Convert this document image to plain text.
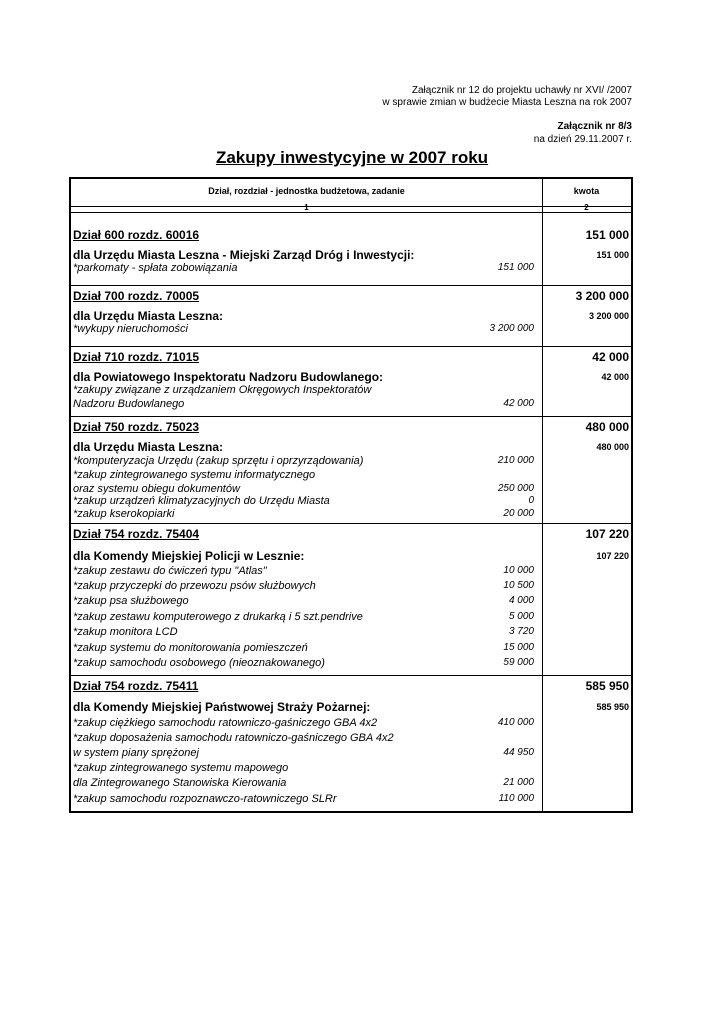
Załącznik nr 12 do projektu uchawły nr XVI/ /2007
w sprawie zmian w budżecie Miasta Leszna na rok 2007
Załącznik nr 8/3
na dzień 29.11.2007 r.
Zakupy inwestycyjne w 2007 roku
Dział, rozdział - jednostka budżetowa, zadanie	kwota
1	2
Dział 600 rozdz. 60016	151 000
dla Urzędu Miasta Leszna - Miejski Zarząd Dróg i Inwestycji:	151 000
*parkomaty - spłata zobowiązania	151 000
Dział 700 rozdz. 70005	3 200 000
dla Urzędu Miasta Leszna:	3 200 000
*wykupy nieruchomości	3 200 000
Dział 710 rozdz. 71015	42 000
dla Powiatowego Inspektoratu Nadzoru Budowlanego:	42 000
*zakupy związane z urządzaniem Okręgowych Inspektoratów
Nadzoru Budowlanego	42 000
Dział 750 rozdz. 75023	480 000
dla Urzędu Miasta Leszna:	480 000
*komputeryzacja Urzędu (zakup sprzętu i oprzyrządowania)	210 000
*zakup zintegrowanego systemu informatycznego
oraz systemu obiegu dokumentów	250 000
*zakup urządzeń klimatyzacyjnych do Urzędu Miasta	0
*zakup kserokopiarki	20 000
Dział 754 rozdz. 75404	107 220
dla Komendy Miejskiej Policji w Lesznie:	107 220
*zakup zestawu do ćwiczeń typu "Atlas"	10 000
*zakup przyczepki do przewozu psów służbowych	10 500
*zakup psa służbowego	4 000
*zakup zestawu komputerowego z drukarką i 5 szt.pendrive	5 000
*zakup monitora LCD	3 720
*zakup systemu do monitorowania pomieszczeń	15 000
*zakup samochodu osobowego (nieoznakowanego)	59 000
Dział 754 rozdz. 75411	585 950
dla Komendy Miejskiej Państwowej Straży Pożarnej:	585 950
*zakup ciężkiego samochodu ratowniczo-gaśniczego GBA 4x2	410 000
*zakup doposażenia samochodu ratowniczo-gaśniczego GBA 4x2
w system piany sprężonej	44 950
*zakup zintegrowanego systemu mapowego
dla Zintegrowanego Stanowiska Kierowania	21 000
*zakup samochodu rozpoznawczo-ratowniczego SLRr	110 000
